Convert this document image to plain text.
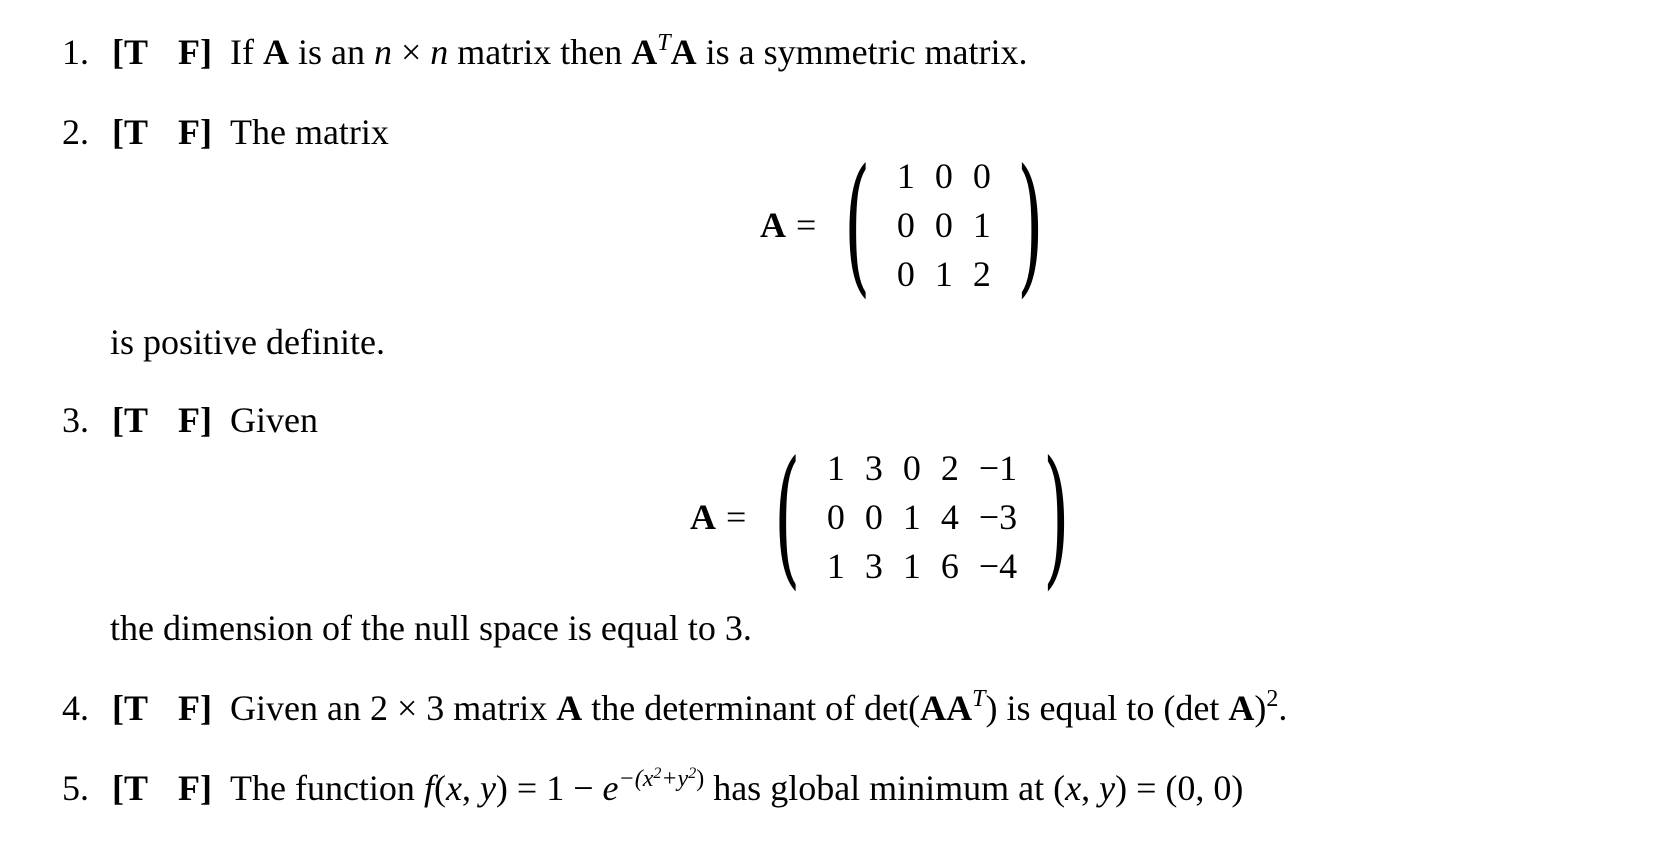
1. [T F] If A is an n × n matrix then $A^TA$ is a symmetric matrix.
2. [T F] The matrix
A = ( 1 0 0
0 0 1
0 1 2 )
is positive definite.
3. [T F] Given
A = ( 1 3 0 2 −1
0 0 1 4 −3
1 3 1 6 −4 )
the dimension of the null space is equal to 3.
4. [T F] Given an 2 × 3 matrix A the determinant of $\det(AA^T)$ is equal to (det A)$^2$.
5. [T F] The function f(x, $y) = 1 - e^{-(x^2+y^2)}$ has global minimum at (x, y) = (0, 0)
